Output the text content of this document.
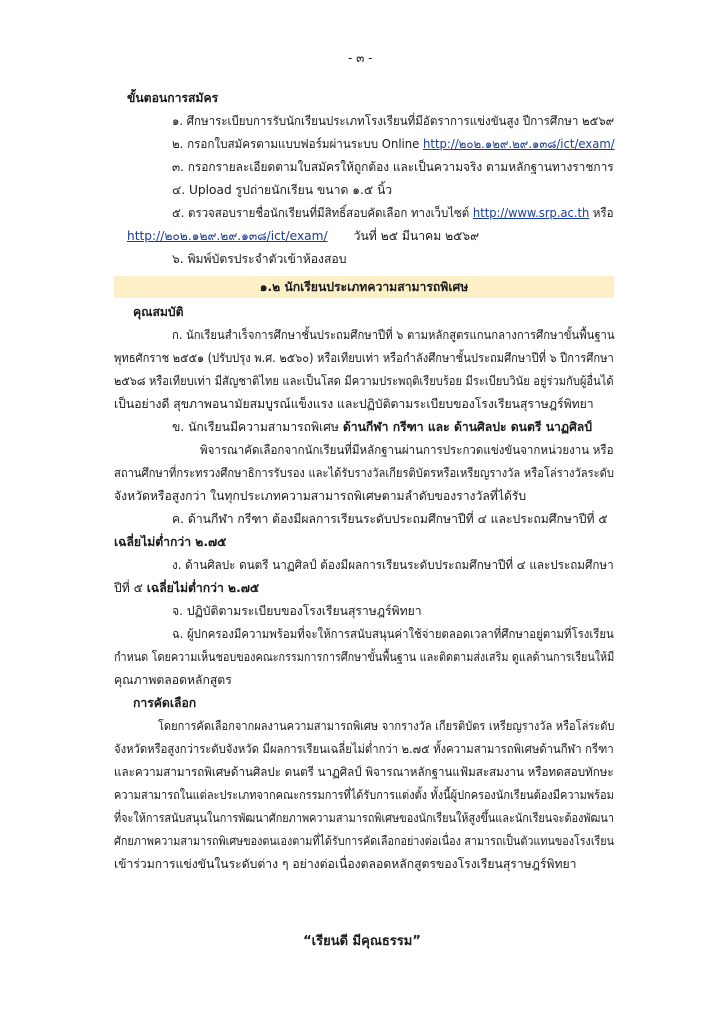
- ๓ -
ขั้นตอนการสมัคร
๑. ศึกษาระเบียบการรับนักเรียนประเภทโรงเรียนที่มีอัตราการแข่งขันสูง ปีการศึกษา ๒๕๖๙
๒. กรอกใบสมัครตามแบบฟอร์มผ่านระบบ Online http://๒๐๒.๑๒๙.๒๙.๑๓๘/ict/exam/
๓. กรอกรายละเอียดตามใบสมัครให้ถูกต้อง และเป็นความจริง ตามหลักฐานทางราชการ
๔. Upload รูปถ่ายนักเรียน ขนาด ๑.๕ นิ้ว
๕. ตรวจสอบรายชื่อนักเรียนที่มีสิทธิ์สอบคัดเลือก ทางเว็บไซต์ http://www.srp.ac.th หรือ
http://๒๐๒.๑๒๙.๒๙.๑๓๘/ict/exam/ วันที่ ๒๕ มีนาคม ๒๕๖๙
๖. พิมพ์บัตรประจำตัวเข้าห้องสอบ
๑.๒ นักเรียนประเภทความสามารถพิเศษ
คุณสมบัติ
ก. นักเรียนสำเร็จการศึกษาชั้นประถมศึกษาปีที่ ๖ ตามหลักสูตรแกนกลางการศึกษาขั้นพื้นฐาน
พุทธศักราช ๒๕๕๑ (ปรับปรุง พ.ศ. ๒๕๖๐) หรือเทียบเท่า หรือกำลังศึกษาชั้นประถมศึกษาปีที่ ๖ ปีการศึกษา
๒๕๖๘ หรือเทียบเท่า มีสัญชาติไทย และเป็นโสด มีความประพฤติเรียบร้อย มีระเบียบวินัย อยู่ร่วมกับผู้อื่นได้
เป็นอย่างดี สุขภาพอนามัยสมบูรณ์แข็งแรง และปฏิบัติตามระเบียบของโรงเรียนสุราษฎร์พิทยา
ข. นักเรียนมีความสามารถพิเศษ ด้านกีฬา กรีฑา และ ด้านศิลปะ ดนตรี นาฏศิลป์
พิจารณาคัดเลือกจากนักเรียนที่มีหลักฐานผ่านการประกวดแข่งขันจากหน่วยงาน หรือ
สถานศึกษาที่กระทรวงศึกษาธิการรับรอง และได้รับรางวัลเกียรติบัตรหรือเหรียญรางวัล หรือโล่รางวัลระดับ
จังหวัดหรือสูงกว่า ในทุกประเภทความสามารถพิเศษตามลำดับของรางวัลที่ได้รับ
ค. ด้านกีฬา กรีฑา ต้องมีผลการเรียนระดับประถมศึกษาปีที่ ๔ และประถมศึกษาปีที่ ๕
เฉลี่ยไม่ต่ำกว่า ๒.๗๕
ง. ด้านศิลปะ ดนตรี นาฏศิลป์ ต้องมีผลการเรียนระดับประถมศึกษาปีที่ ๔ และประถมศึกษา
ปีที่ ๕ เฉลี่ยไม่ต่ำกว่า ๒.๗๕
จ. ปฏิบัติตามระเบียบของโรงเรียนสุราษฎร์พิทยา
ฉ. ผู้ปกครองมีความพร้อมที่จะให้การสนับสนุนค่าใช้จ่ายตลอดเวลาที่ศึกษาอยู่ตามที่โรงเรียน
กำหนด โดยความเห็นชอบของคณะกรรมการการศึกษาขั้นพื้นฐาน และติดตามส่งเสริม ดูแลด้านการเรียนให้มี
คุณภาพตลอดหลักสูตร
การคัดเลือก
โดยการคัดเลือกจากผลงานความสามารถพิเศษ จากรางวัล เกียรติบัตร เหรียญรางวัล หรือโล่ระดับ
จังหวัดหรือสูงกว่าระดับจังหวัด มีผลการเรียนเฉลี่ยไม่ต่ำกว่า ๒.๗๕ ทั้งความสามารถพิเศษด้านกีฬา กรีฑา
และความสามารถพิเศษด้านศิลปะ ดนตรี นาฏศิลป์ พิจารณาหลักฐานแฟ้มสะสมงาน หรือทดสอบทักษะ
ความสามารถในแต่ละประเภทจากคณะกรรมการที่ได้รับการแต่งตั้ง ทั้งนี้ผู้ปกครองนักเรียนต้องมีความพร้อม
ที่จะให้การสนับสนุนในการพัฒนาศักยภาพความสามารถพิเศษของนักเรียนให้สูงขึ้นและนักเรียนจะต้องพัฒนา
ศักยภาพความสามารถพิเศษของตนเองตามที่ได้รับการคัดเลือกอย่างต่อเนื่อง สามารถเป็นตัวแทนของโรงเรียน
เข้าร่วมการแข่งขันในระดับต่าง ๆ อย่างต่อเนื่องตลอดหลักสูตรของโรงเรียนสุราษฎร์พิทยา
“เรียนดี มีคุณธรรม”
